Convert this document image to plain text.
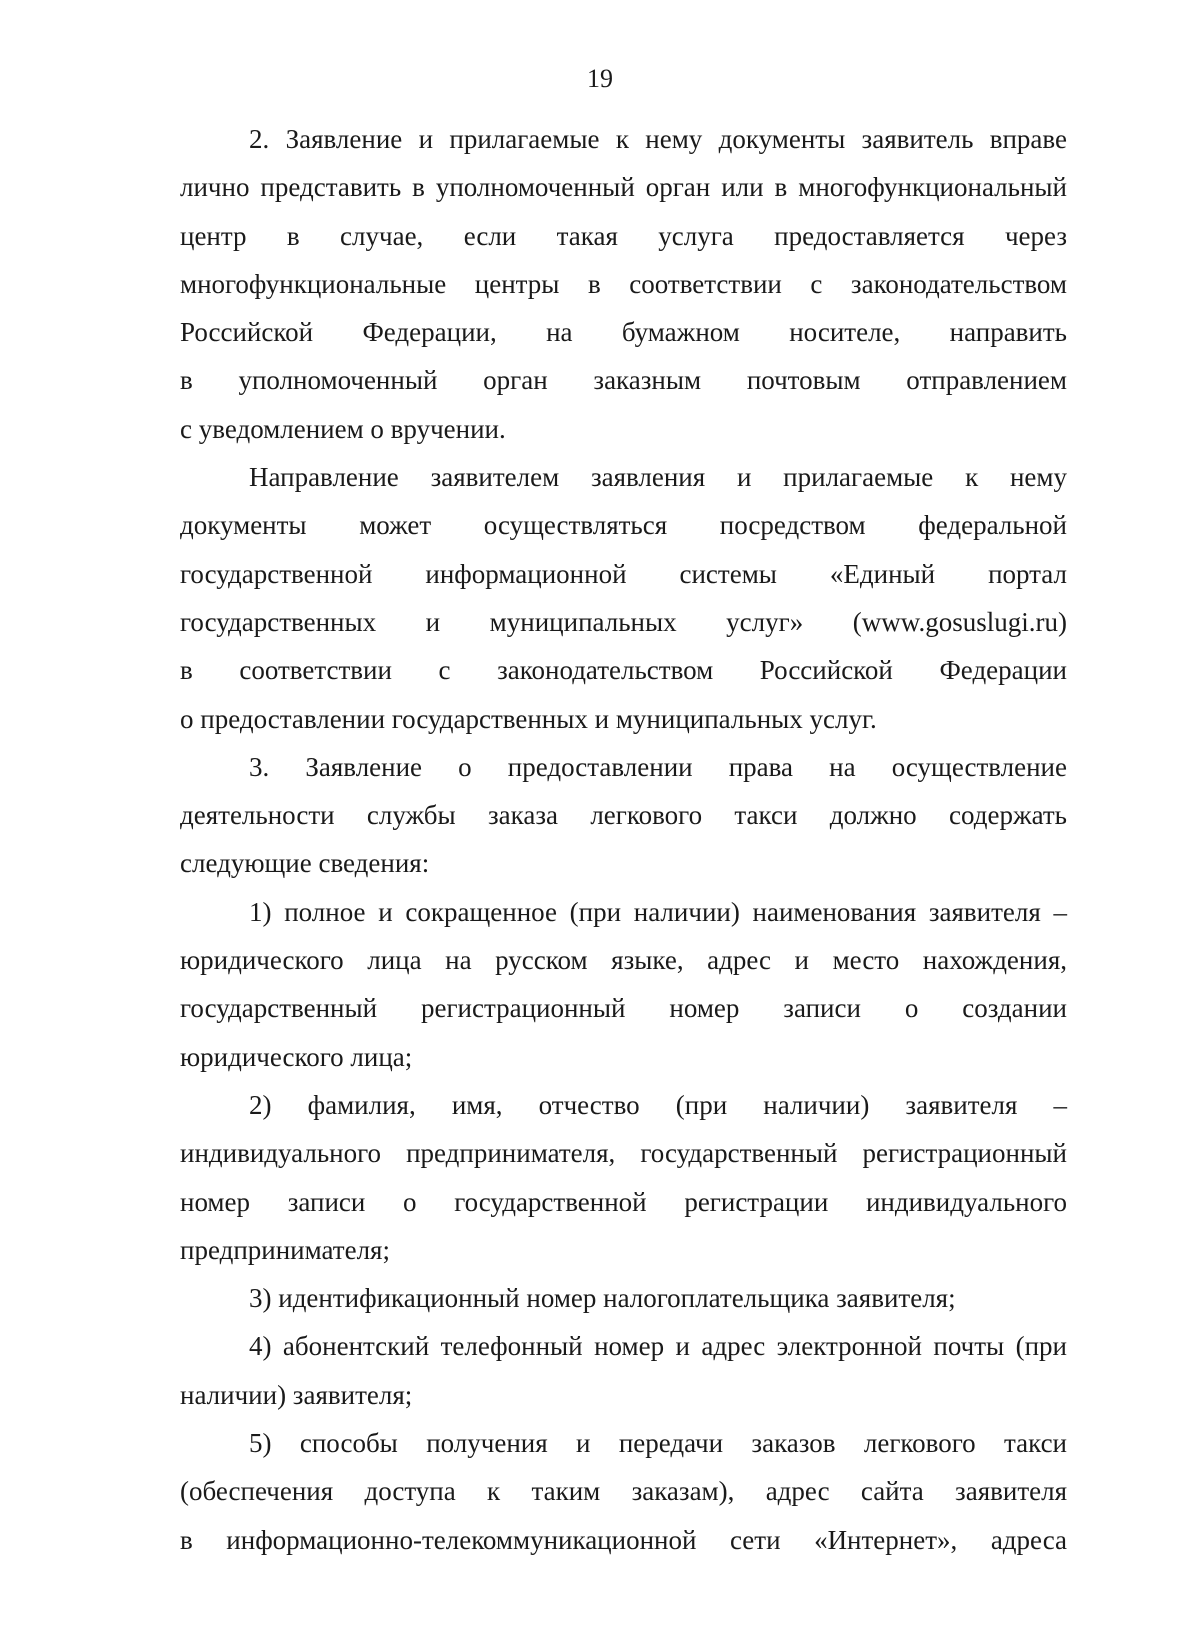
19
2. Заявление и прилагаемые к нему документы заявитель вправе
лично представить в уполномоченный орган или в многофункциональный
центр в случае, если такая услуга предоставляется через
многофункциональные центры в соответствии с законодательством
Российской Федерации, на бумажном носителе, направить
в уполномоченный орган заказным почтовым отправлением
с уведомлением о вручении.
Направление заявителем заявления и прилагаемые к нему
документы может осуществляться посредством федеральной
государственной информационной системы «Единый портал
государственных и муниципальных услуг» (www.gosuslugi.ru)
в соответствии с законодательством Российской Федерации
о предоставлении государственных и муниципальных услуг.
3. Заявление о предоставлении права на осуществление
деятельности службы заказа легкового такси должно содержать
следующие сведения:
1) полное и сокращенное (при наличии) наименования заявителя –
юридического лица на русском языке, адрес и место нахождения,
государственный регистрационный номер записи о создании
юридического лица;
2) фамилия, имя, отчество (при наличии) заявителя –
индивидуального предпринимателя, государственный регистрационный
номер записи о государственной регистрации индивидуального
предпринимателя;
3) идентификационный номер налогоплательщика заявителя;
4) абонентский телефонный номер и адрес электронной почты (при
наличии) заявителя;
5) способы получения и передачи заказов легкового такси
(обеспечения доступа к таким заказам), адрес сайта заявителя
в информационно-телекоммуникационной сети «Интернет», адреса
